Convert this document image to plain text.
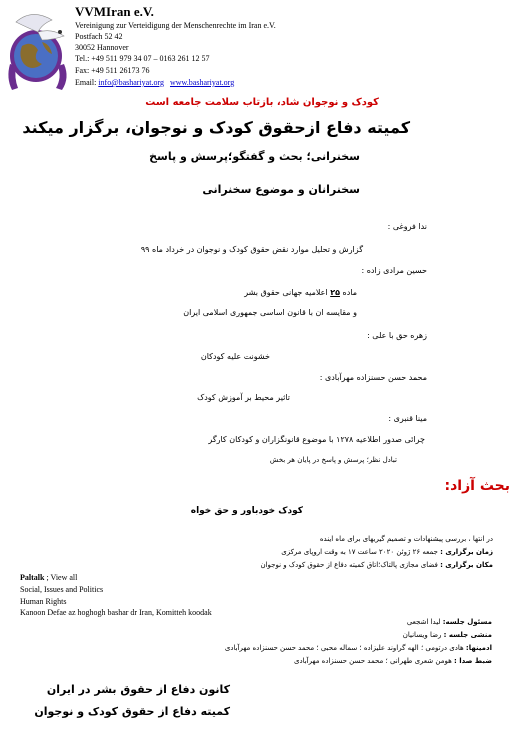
VVMIran e.V.
Vereinigung zur Verteidigung der Menschenrechte im Iran e.V.
Postfach 52 42
30052 Hannover
Tel.: +49 511 979 34 07 – 0163 261 12 57
Fax: +49 511 26173 76
Email: info@bashariyat.org www.bashariyat.org
کودک و نوجوان شاد، بازتاب سلامت جامعه است
کمیته دفاع ازحقوق کودک و نوجوان، برگزار میکند
سخنرانی؛ بحث و گفتگو؛پرسش و پاسخ
سخنرانان و موضوع سخنرانی
ندا فروغی :
گزارش و تحلیل موارد نقض حقوق کودک و نوجوان در خرداد ماه ۹۹
حسین مرادی زاده :
ماده ۲۵ اعلامیه جهانی حقوق بشر
و مقایسه ان با قانون اساسی جمهوری اسلامی ایران
زهره حق با علی :
خشونت علیه کودکان
محمد حسن حسنزاده مهرآبادی :
تاثیر محیط بر آموزش کودک
مینا قنبری :
چرائی صدور اطلاعیه ۱۲۷۸ با موضوع قانونگزاران و کودکان کارگر
تبادل نظر؛ پرسش و پاسخ در پایان هر بخش
بحث آزاد:
کودک خودباور و حق خواه
در انتها ، بررسی پیشنهادات و تصمیم گیریهای برای ماه اینده
زمان برگزاری : جمعه ۲۶ ژوئن ۲۰۲۰ ساعت ۱۷ به وقت اروپای مرکزی
مکان برگزاری : فضای مجازی پالتاک؛اتاق کمیته دفاع از حقوق کودک و نوجوان
Paltalk ; View all
Social, Issues and Politics
Human Rights
Kanoon Defae az hoghogh bashar dr Iran, Komitteh koodak
مسئول جلسه: لیدا اشجعی
منشی جلسه : رضا ویسانیان
ادمینها: هادی درتومی ؛ الهه گراوند علیزاده ؛ سماله محبی ؛ محمد حسن حسنزاده مهرآبادی
ضبط صدا : هومن شعری طهرانی ؛ محمد حسن حسنزاده مهرآبادی
کانون دفاع از حقوق بشر در ایران
کمیته دفاع از حقوق کودک و نوجوان
